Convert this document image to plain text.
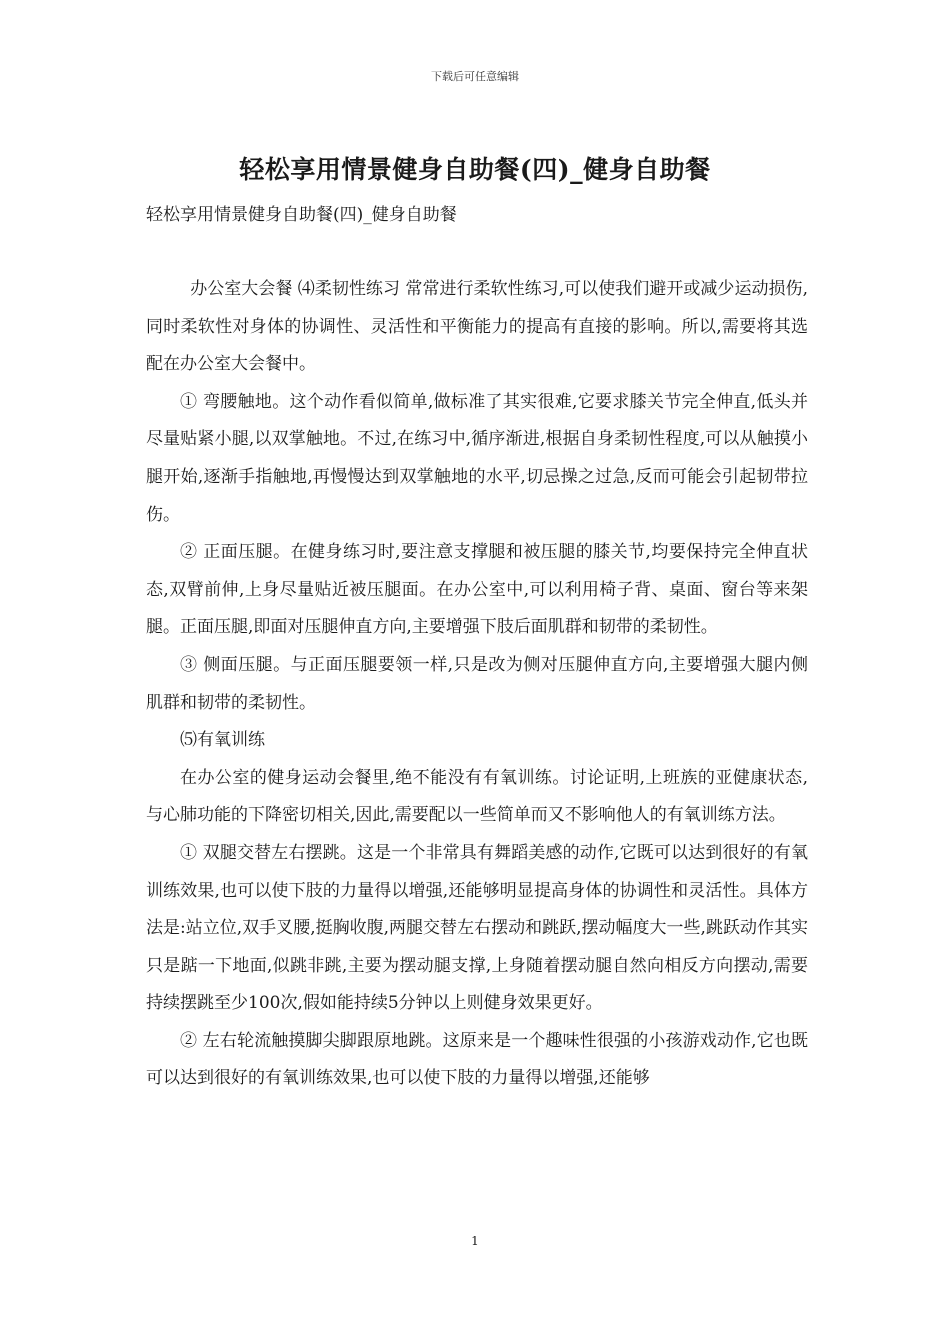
下载后可任意编辑
轻松享用情景健身自助餐(四)_健身自助餐
轻松享用情景健身自助餐(四)_健身自助餐

办公室大会餐 ⑷柔韧性练习 常常进行柔软性练习,可以使我们避开或减少运动损伤,同时柔软性对身体的协调性、灵活性和平衡能力的提高有直接的影响。所以,需要将其选配在办公室大会餐中。

① 弯腰触地。这个动作看似简单,做标准了其实很难,它要求膝关节完全伸直,低头并尽量贴紧小腿,以双掌触地。不过,在练习中,循序渐进,根据自身柔韧性程度,可以从触摸小腿开始,逐渐手指触地,再慢慢达到双掌触地的水平,切忌操之过急,反而可能会引起韧带拉伤。

② 正面压腿。在健身练习时,要注意支撑腿和被压腿的膝关节,均要保持完全伸直状态,双臂前伸,上身尽量贴近被压腿面。在办公室中,可以利用椅子背、桌面、窗台等来架腿。正面压腿,即面对压腿伸直方向,主要增强下肢后面肌群和韧带的柔韧性。

③ 侧面压腿。与正面压腿要领一样,只是改为侧对压腿伸直方向,主要增强大腿内侧肌群和韧带的柔韧性。

⑸有氧训练

在办公室的健身运动会餐里,绝不能没有有氧训练。讨论证明,上班族的亚健康状态,与心肺功能的下降密切相关,因此,需要配以一些简单而又不影响他人的有氧训练方法。

① 双腿交替左右摆跳。这是一个非常具有舞蹈美感的动作,它既可以达到很好的有氧训练效果,也可以使下肢的力量得以增强,还能够明显提高身体的协调性和灵活性。具体方法是:站立位,双手叉腰,挺胸收腹,两腿交替左右摆动和跳跃,摆动幅度大一些,跳跃动作其实只是踮一下地面,似跳非跳,主要为摆动腿支撑,上身随着摆动腿自然向相反方向摆动,需要持续摆跳至少100次,假如能持续5分钟以上则健身效果更好。

② 左右轮流触摸脚尖脚跟原地跳。这原来是一个趣味性很强的小孩游戏动作,它也既可以达到很好的有氧训练效果,也可以使下肢的力量得以增强,还能够

1
